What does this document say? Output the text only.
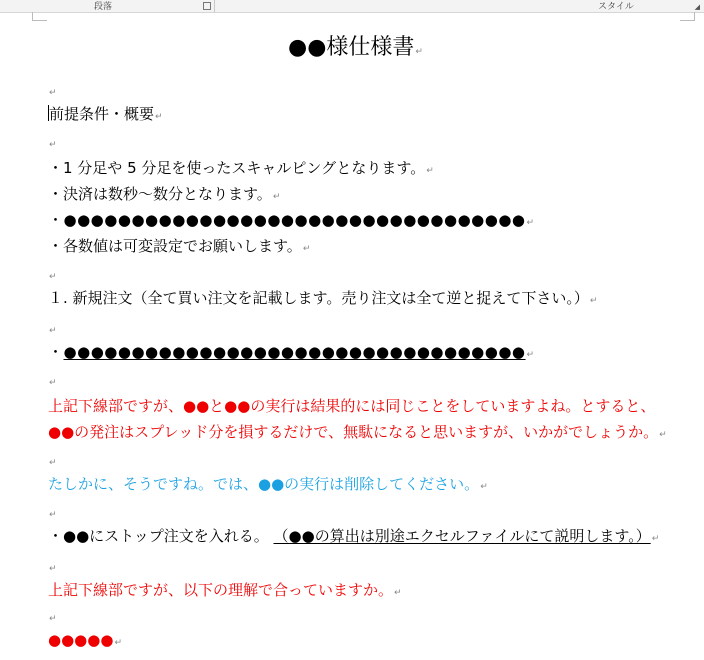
段落	スタイル	◢
●●様仕様書↵
↵
前提条件・概要↵
↵
・1 分足や 5 分足を使ったスキャルピングとなります。↵
・決済は数秒～数分となります。↵
・●●●●●●●●●●●●●●●●●●●●●●●●●●●●●●●●●●↵
・各数値は可変設定でお願いします。↵
↵
１. 新規注文（全て買い注文を記載します。売り注文は全て逆と捉えて下さい。）↵
↵
・●●●●●●●●●●●●●●●●●●●●●●●●●●●●●●●●●●↵
↵
上記下線部ですが、●●と●●の実行は結果的には同じことをしていますよね。とすると、
●●の発注はスプレッド分を損するだけで、無駄になると思いますが、いかがでしょうか。↵
↵
たしかに、そうですね。では、●●の実行は削除してください。↵
↵
・●●にストップ注文を入れる。 （●●の算出は別途エクセルファイルにて説明します。）↵
↵
上記下線部ですが、以下の理解で合っていますか。↵
↵
●●●●●↵
